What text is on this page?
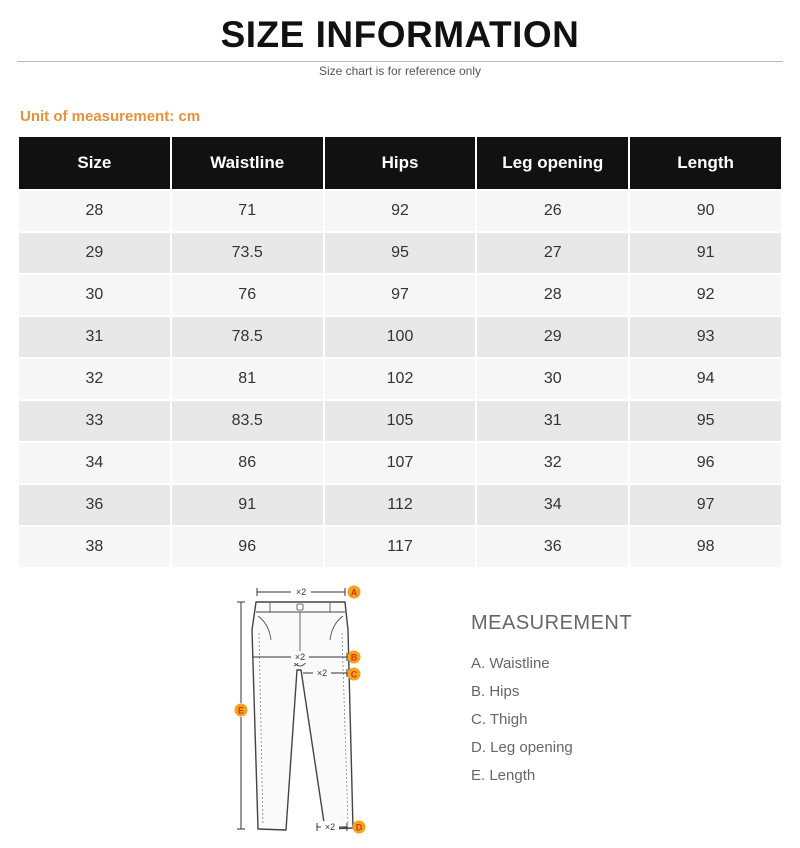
SIZE INFORMATION
Size chart is for reference only
Unit of measurement: cm
Size	Waistline	Hips	Leg opening	Length
28	71	92	26	90
29	73.5	95	27	91
30	76	97	28	92
31	78.5	100	29	93
32	81	102	30	94
33	83.5	105	31	95
34	86	107	32	96
36	91	112	34	97
38	96	117	36	98
×2	A
×2	B
×2	C
E
×2 D
MEASUREMENT
A. Waistline
B. Hips
C. Thigh
D. Leg opening
E. Length
